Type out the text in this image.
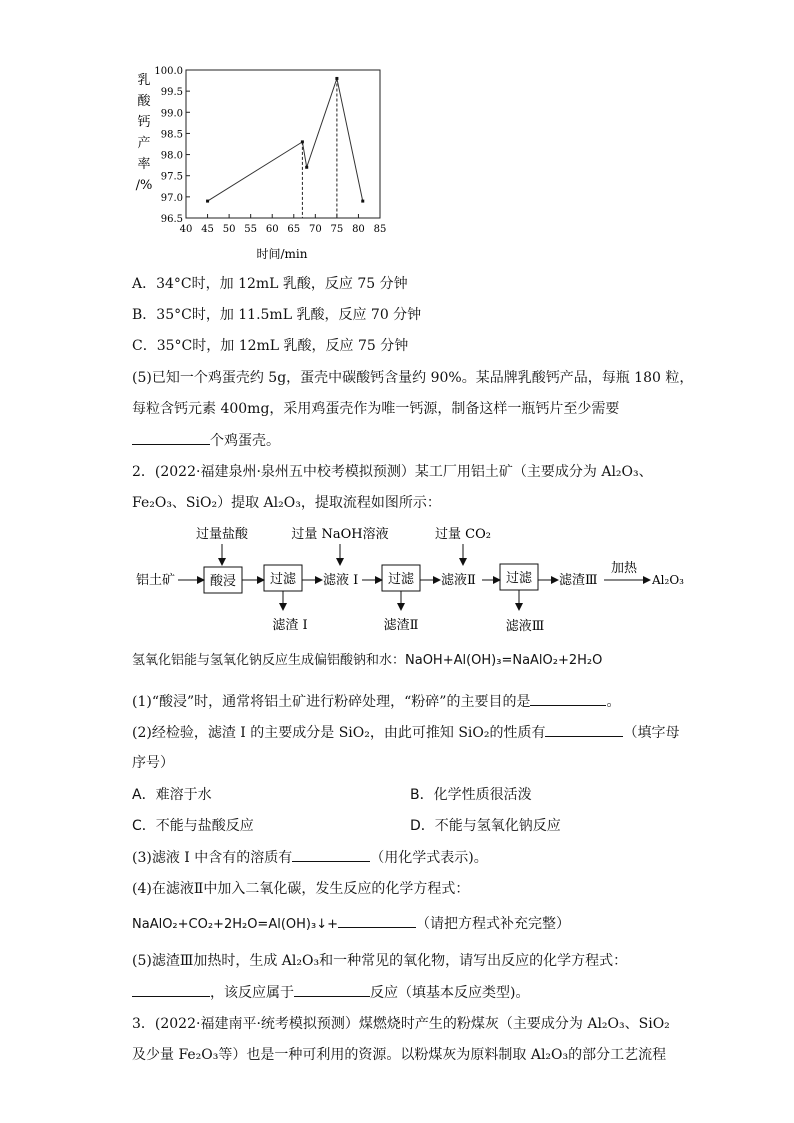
乳
酸
钙
产
率
/%
96.5
97.0
97.5
98.0
98.5
99.0
99.5
100.0
40 45 50 55 60 65 70 75 80 85
时间/min
A．34°C时，加 12mL 乳酸，反应 75 分钟
B．35°C时，加 11.5mL 乳酸，反应 70 分钟
C．35°C时，加 12mL 乳酸，反应 75 分钟
(5)已知一个鸡蛋壳约 5g，蛋壳中碳酸钙含量约 90%。某品牌乳酸钙产品，每瓶 180 粒，
每粒含钙元素 400mg，采用鸡蛋壳作为唯一钙源，制备这样一瓶钙片至少需要
个鸡蛋壳。
2．(2022·福建泉州·泉州五中校考模拟预测）某工厂用铝土矿（主要成分为 Al₂O₃、
Fe₂O₃、SiO₂）提取 Al₂O₃，提取流程如图所示：
过量盐酸	过量 NaOH溶液	过量 CO₂
铝土矿	酸浸	过滤 滤液 I 过滤 滤液Ⅱ 过滤 滤渣Ⅲ
加热
Al₂O₃
滤渣 I	滤渣Ⅱ	滤液Ⅲ
氢氧化铝能与氢氧化钠反应生成偏铝酸钠和水：NaOH+Al(OH)₃=NaAlO₂+2H₂O
(1)“酸浸”时，通常将铝土矿进行粉碎处理，“粉碎”的主要目的是	。
(2)经检验，滤渣 I 的主要成分是 SiO₂，由此可推知 SiO₂的性质有	（填字母
序号）
A．难溶于水	B．化学性质很活泼
C．不能与盐酸反应	D．不能与氢氧化钠反应
(3)滤液 I 中含有的溶质有	（用化学式表示)。
(4)在滤液Ⅱ中加入二氧化碳，发生反应的化学方程式：
NaAlO₂+CO₂+2H₂O=Al(OH)₃↓+	（请把方程式补充完整）
(5)滤渣Ⅲ加热时，生成 Al₂O₃和一种常见的氧化物，请写出反应的化学方程式：
，该反应属于	反应（填基本反应类型)。
3．(2022·福建南平·统考模拟预测）煤燃烧时产生的粉煤灰（主要成分为 Al₂O₃、SiO₂
及少量 Fe₂O₃等）也是一种可利用的资源。以粉煤灰为原料制取 Al₂O₃的部分工艺流程
